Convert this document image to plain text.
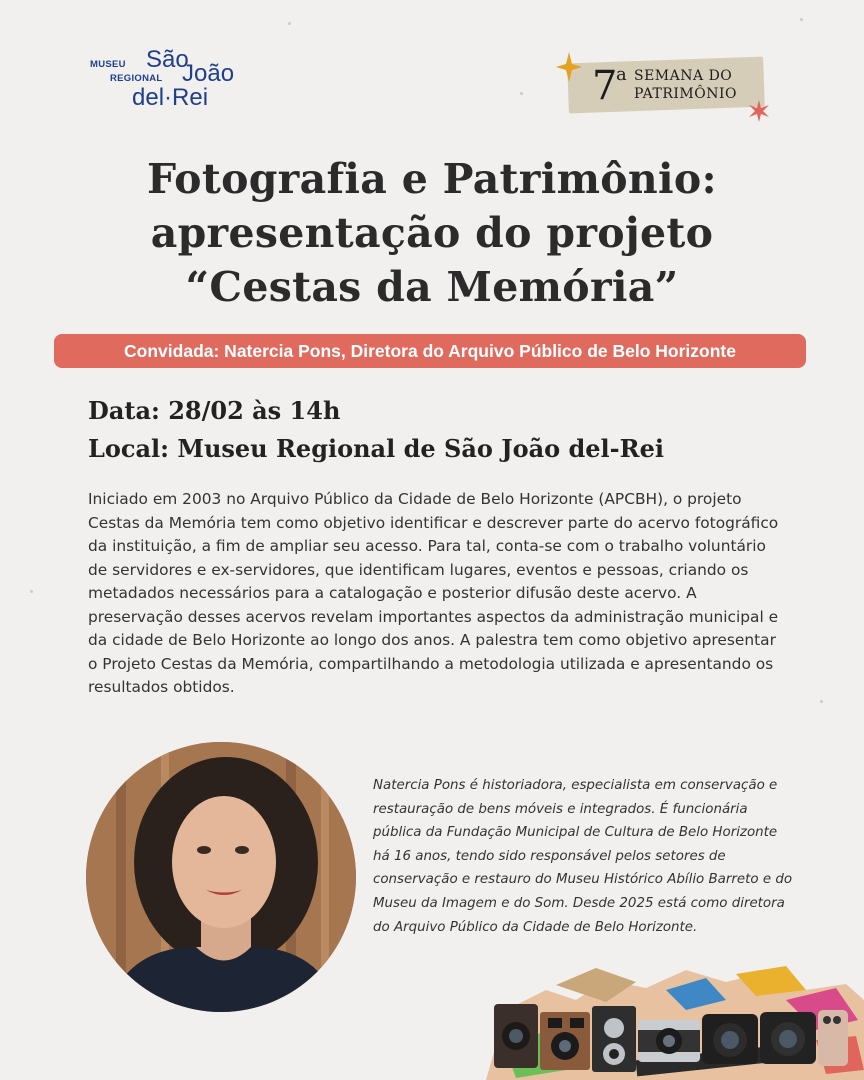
MUSEU
REGIONAL
São
João
del·Rei	7
a SEMANA DO
PATRIMÔNIO
Fotografia e Patrimônio:
apresentação do projeto
“Cestas da Memória”
Convidada: Natercia Pons, Diretora do Arquivo Público de Belo Horizonte
Data: 28/02 às 14h
Local: Museu Regional de São João del-Rei

Iniciado em 2003 no Arquivo Público da Cidade de Belo Horizonte (APCBH), o projeto Cestas da Memória tem como objetivo identificar e descrever parte do acervo fotográfico da instituição, a fim de ampliar seu acesso. Para tal, conta-se com o trabalho voluntário de servidores e ex-servidores, que identificam lugares, eventos e pessoas, criando os metadados necessários para a catalogação e posterior difusão deste acervo. A preservação desses acervos revelam importantes aspectos da administração municipal e da cidade de Belo Horizonte ao longo dos anos. A palestra tem como objetivo apresentar o Projeto Cestas da Memória, compartilhando a metodologia utilizada e apresentando os resultados obtidos.

Natercia Pons é historiadora, especialista em conservação e restauração de bens móveis e integrados. É funcionária pública da Fundação Municipal de Cultura de Belo Horizonte há 16 anos, tendo sido responsável pelos setores de conservação e restauro do Museu Histórico Abílio Barreto e do Museu da Imagem e do Som. Desde 2025 está como diretora do Arquivo Público da Cidade de Belo Horizonte.
